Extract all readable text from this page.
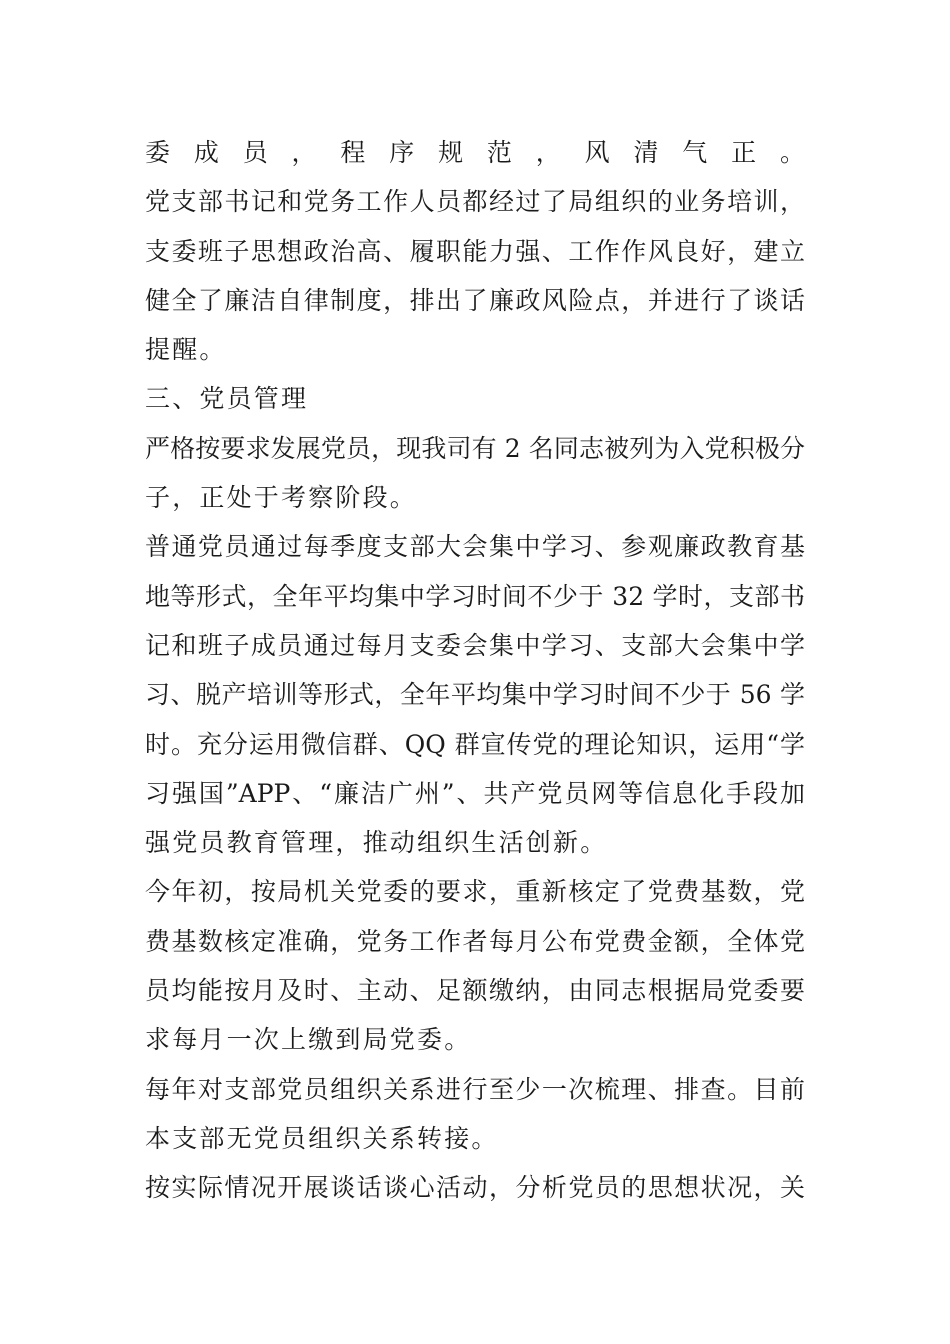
委成员，程序规范，风清气正。
党支部书记和党务工作人员都经过了局组织的业务培训，
支委班子思想政治高、履职能力强、工作作风良好，建立
健全了廉洁自律制度，排出了廉政风险点，并进行了谈话
提醒。
三、党员管理
严格按要求发展党员，现我司有 2 名同志被列为入党积极分
子，正处于考察阶段。
普通党员通过每季度支部大会集中学习、参观廉政教育基
地等形式，全年平均集中学习时间不少于 32 学时，支部书
记和班子成员通过每月支委会集中学习、支部大会集中学
习、脱产培训等形式，全年平均集中学习时间不少于 56 学
时。充分运用微信群、QQ 群宣传党的理论知识，运用“学
习强国”APP、“廉洁广州”、共产党员网等信息化手段加
强党员教育管理，推动组织生活创新。
今年初，按局机关党委的要求，重新核定了党费基数，党
费基数核定准确，党务工作者每月公布党费金额，全体党
员均能按月及时、主动、足额缴纳，由同志根据局党委要
求每月一次上缴到局党委。
每年对支部党员组织关系进行至少一次梳理、排查。目前
本支部无党员组织关系转接。
按实际情况开展谈话谈心活动，分析党员的思想状况，关
